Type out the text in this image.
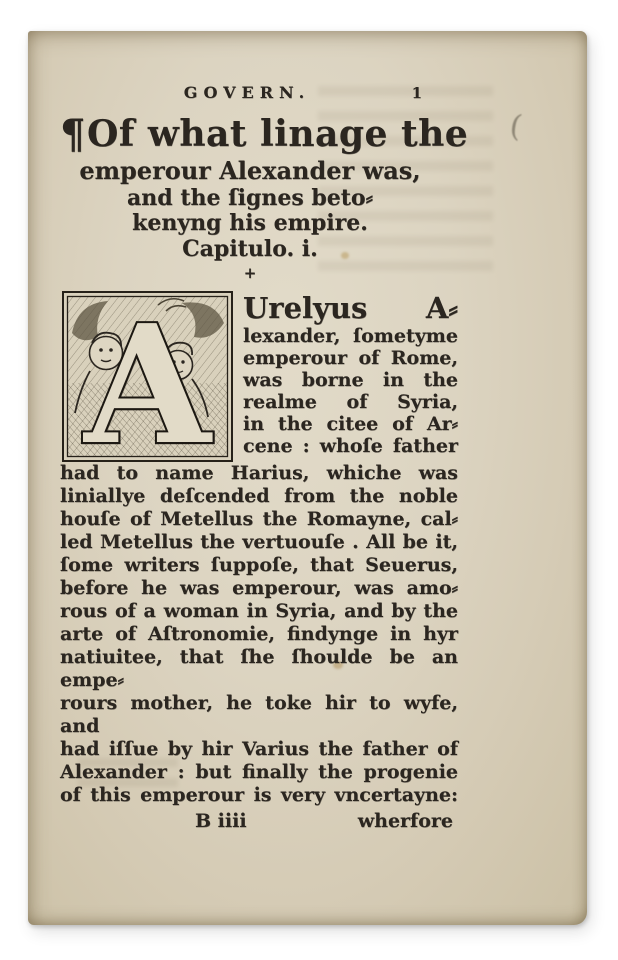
(
GOVERN.	1
¶Of what linage the
emperour Alexander was,
and the ſignes beto⸗
kenyng his empire.
Capitulo. i.
+
A Urelyus A⸗
lexander, ſometyme
emperour of Rome,
was borne in the
realme of Syria,
in the citee of Ar⸗
cene : whoſe father
had to name Harius, whiche was
liniallye deſcended from the noble
houſe of Metellus the Romayne, cal⸗
led Metellus the vertuouſe . All be it,
ſome writers ſuppoſe, that Seuerus,
before he was emperour, was amo⸗
rous of a woman in Syria, and by the
arte of Aſtronomie, findynge in hyr
natiuitee, that ſhe ſhoulde be an empe⸗
rours mother, he toke hir to wyfe, and
had iſſue by hir Varius the father of
Alexander : but finally the progenie
of this emperour is very vncertayne:
B iiii	wherfore
